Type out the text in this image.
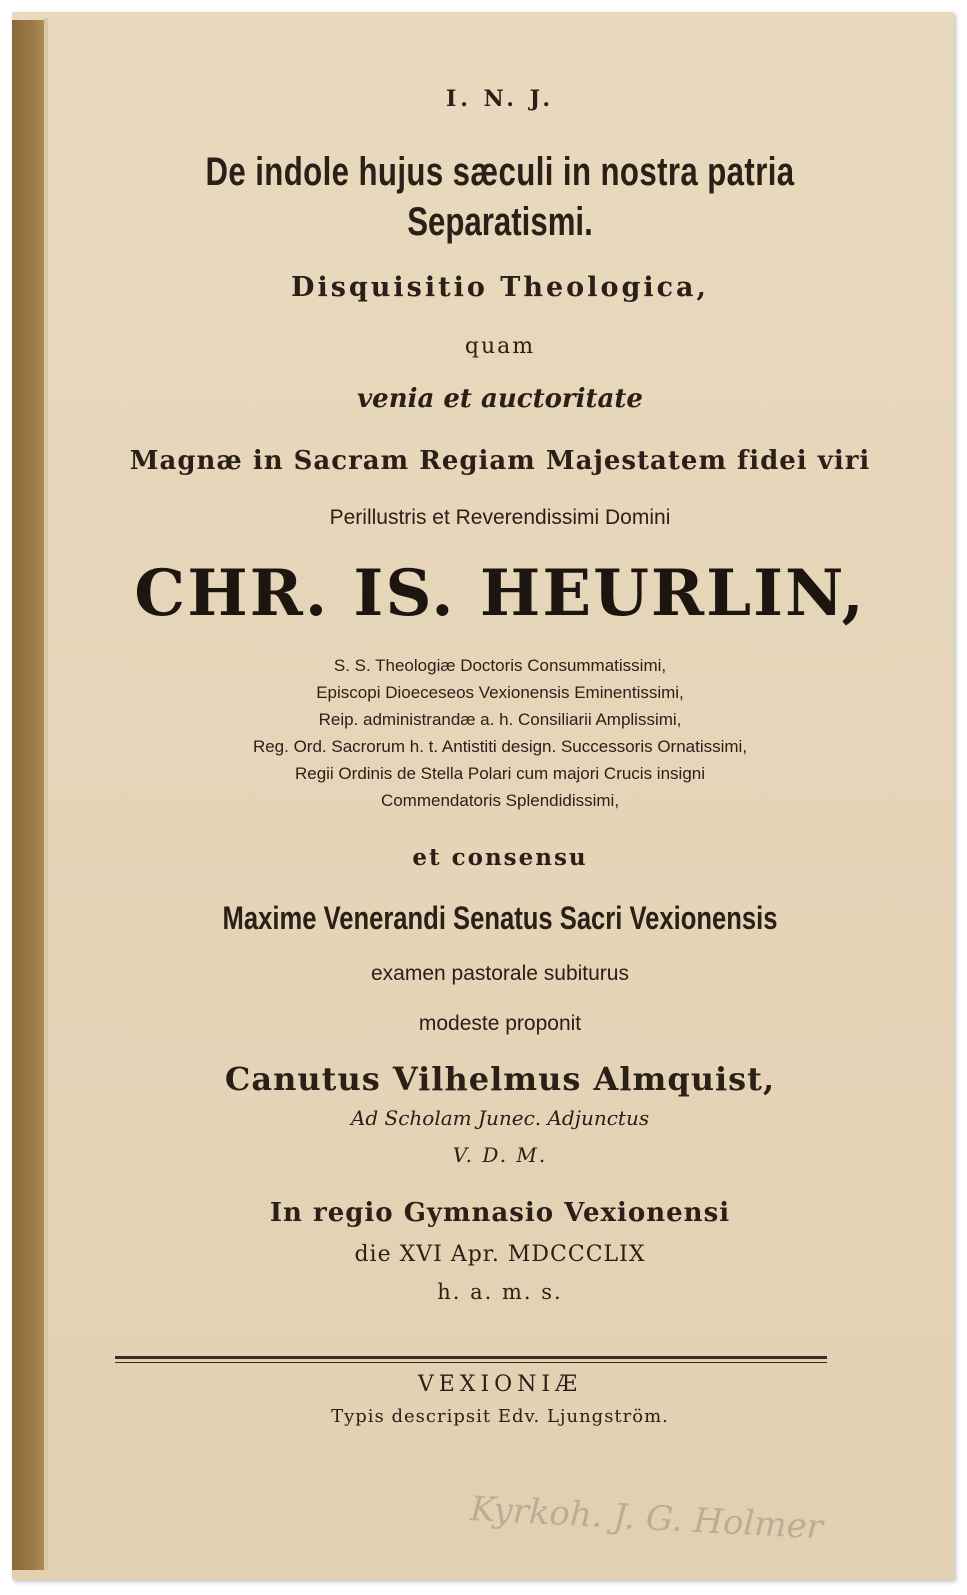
I. N. J.
De indole hujus sæculi in nostra patria
Separatismi.
Disquisitio Theologica,
quam
venia et auctoritate
Magnæ in Sacram Regiam Majestatem fidei viri
Perillustris et Reverendissimi Domini
CHR. IS. HEURLIN,
S. S. Theologiæ Doctoris Consummatissimi,
Episcopi Dioeceseos Vexionensis Eminentissimi,
Reip. administrandæ a. h. Consiliarii Amplissimi,
Reg. Ord. Sacrorum h. t. Antistiti design. Successoris Ornatissimi,
Regii Ordinis de Stella Polari cum majori Crucis insigni
Commendatoris Splendidissimi,
et consensu
Maxime Venerandi Senatus Sacri Vexionensis
examen pastorale subiturus
modeste proponit
Canutus Vilhelmus Almquist,
Ad Scholam Junec. Adjunctus
V. D. M.
In regio Gymnasio Vexionensi
die XVI Apr. MDCCCLIX
h. a. m. s.
VEXIONIÆ
Typis descripsit Edv. Ljungström.
Kyrkoh. J. G. Holmer
